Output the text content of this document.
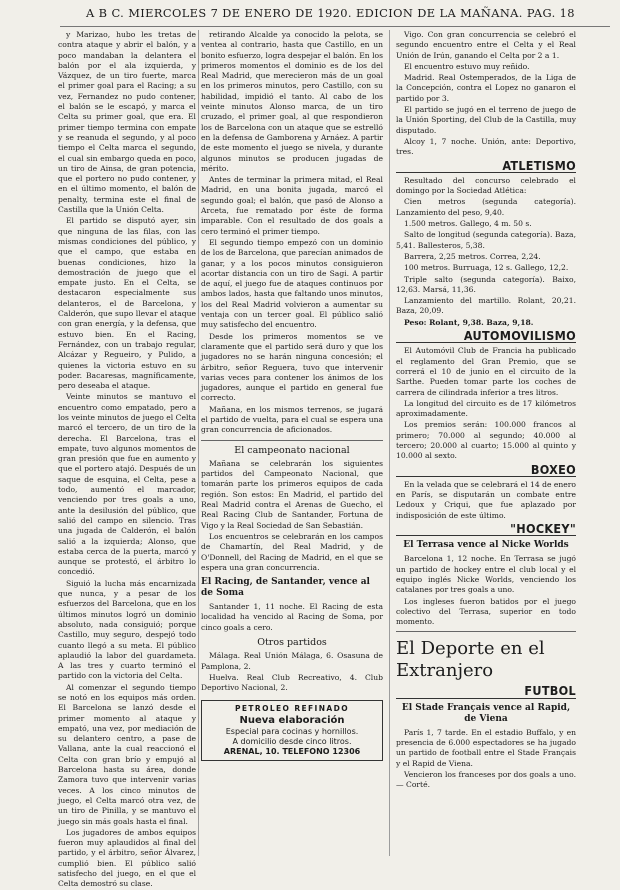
A B C. MIERCOLES 7 DE ENERO DE 1920. EDICION DE LA MAÑANA. PAG. 18

y Marizao, hubo les tretas de contra ataque y abrir el balón, y a poco mandaban la delantera el balón por el ala izquierda, y Vázquez, de un tiro fuerte, marca el primer goal para el Racing; a su vez, Fernandez no pudo contener, el balón se le escapó, y marca el Celta su primer goal, que era. El primer tiempo termina con empate y se reanuda el segundo, y al poco tiempo el Celta marca el segundo, el cual sin embargo queda en poco, un tiro de Ainsa, de gran potencia, que el portero no pudo contener, y en el último momento, el balón de penalty, termina este el final de Castilla que la Unión Celta.

El partido se disputó ayer, sin que ninguna de las filas, con las mismas condiciones del público, y que el campo, que estaba en buenas condiciones, hizo la demostración de juego que el empate justo. En el Celta, se destacaron especialmente sus delanteros, el de Barcelona, y Calderón, que supo llevar el ataque con gran energía, y la defensa, que estuvo bien. En el Racing, Fernández, con un trabajo regular, Alcázar y Regueiro, y Pulido, a quienes la victoria estuvo en su poder. Bacaresas, magníficamente, pero deseaba el ataque.

Veinte minutos se mantuvo el encuentro como empatado, pero a los veinte minutos de juego el Celta marcó el tercero, de un tiro de la derecha. El Barcelona, tras el empate, tuvo algunos momentos de gran presión que fue en aumento y que el portero atajó. Después de un saque de esquina, el Celta, pese a todo, aumentó el marcador, venciendo por tres goals a uno, ante la desilusión del público, que salió del campo en silencio. Tras una jugada de Calderón, el balón salió a la izquierda; Alonso, que estaba cerca de la puerta, marcó y aunque se protestó, el árbitro lo concedió.

Siguió la lucha más encarnizada que nunca, y a pesar de los esfuerzos del Barcelona, que en los últimos minutos logró un dominio absoluto, nada consiguió; porque Castillo, muy seguro, despejó todo cuanto llegó a su meta. El público aplaudió la labor del guardameta. A las tres y cuarto terminó el partido con la victoria del Celta.

Al comenzar el segundo tiempo se notó en los equipos más orden. El Barcelona se lanzó desde el primer momento al ataque y empató, una vez, por mediación de su delantero centro, a pase de Vallana, ante la cual reaccionó el Celta con gran brío y empujó al Barcelona hasta su área, donde Zamora tuvo que intervenir varias veces. A los cinco minutos de juego, el Celta marcó otra vez, de un tiro de Pinilla, y se mantuvo el juego sin más goals hasta el final.

Los jugadores de ambos equipos fueron muy aplaudidos al final del partido, y el árbitro, señor Álvarez, cumplió bien. El público salió satisfecho del juego, en el que el Celta demostró su clase.

retirando Alcalde ya conocido la pelota, se ventea al contrario, hasta que Castillo, en un bonito esfuerzo, logra despejar el balón. En los primeros momentos el dominio es de los del Real Madrid, que merecieron más de un goal en los primeros minutos, pero Castillo, con su habilidad, impidió el tanto. Al cabo de los veinte minutos Alonso marca, de un tiro cruzado, el primer goal, al que respondieron los de Barcelona con un ataque que se estrelló en la defensa de Gamborena y Arnáez. A partir de este momento el juego se nivela, y durante algunos minutos se producen jugadas de mérito.

Antes de terminar la primera mitad, el Real Madrid, en una bonita jugada, marcó el segundo goal; el balón, que pasó de Alonso a Arceta, fue rematado por éste de forma imparable. Con el resultado de dos goals a cero terminó el primer tiempo.

El segundo tiempo empezó con un dominio de los de Barcelona, que parecían animados de ganar, y a los pocos minutos consiguieron acortar distancia con un tiro de Sagi. A partir de aquí, el juego fue de ataques continuos por ambos lados, hasta que faltando unos minutos, los del Real Madrid volvieron a aumentar su ventaja con un tercer goal. El público salió muy satisfecho del encuentro.

Desde los primeros momentos se ve claramente que el partido será duro y que los jugadores no se harán ninguna concesión; el árbitro, señor Reguera, tuvo que intervenir varias veces para contener los ánimos de los jugadores, aunque el partido en general fue correcto.

Mañana, en los mismos terrenos, se jugará el partido de vuelta, para el cual se espera una gran concurrencia de aficionados.

El campeonato nacional

Mañana se celebrarán los siguientes partidos del Campeonato Nacional, que tomarán parte los primeros equipos de cada región. Son estos: En Madrid, el partido del Real Madrid contra el Arenas de Guecho, el Real Racing Club de Santander, Fortuna de Vigo y la Real Sociedad de San Sebastián.

Los encuentros se celebrarán en los campos de Chamartín, del Real Madrid, y de O'Donnell, del Racing de Madrid, en el que se espera una gran concurrencia.

El Racing, de Santander, vence al de Soma

Santander 1, 11 noche. El Racing de esta localidad ha vencido al Racing de Soma, por cinco goals a cero.

Otros partidos

Málaga. Real Unión Málaga, 6. Osasuna de Pamplona, 2.

Huelva. Real Club Recreativo, 4. Club Deportivo Nacional, 2.

PETROLEO REFINADO
Nueva elaboración
Especial para cocinas y hornillos.
A domicilio desde cinco litros.
ARENAL, 10. TELEFONO 12306

Vigo. Con gran concurrencia se celebró el segundo encuentro entre el Celta y el Real Unión de Irún, ganando el Celta por 2 a 1.

El encuentro estuvo muy reñido.

Madrid. Real Ostemperados, de la Liga de la Concepción, contra el Lopez no ganaron el partido por 3.

El partido se jugó en el terreno de juego de la Unión Sporting, del Club de la Castilla, muy disputado.

Alcoy 1, 7 noche. Unión, ante: Deportivo, tres.

ATLETISMO

Resultado del concurso celebrado el domingo por la Sociedad Atlética:

Cien metros (segunda categoría). Lanzamiento del peso, 9,40.

1.500 metros. Gallego, 4 m. 50 s.

Salto de longitud (segunda categoría). Baza, 5,41. Ballesteros, 5,38.

Barrera, 2,25 metros. Correa, 2,24.

100 metros. Burruaga, 12 s. Gallego, 12,2.

Triple salto (segunda categoría). Baixo, 12,63. Marsá, 11,36.

Lanzamiento del martillo. Rolant, 20,21. Baza, 20,09.

Peso: Rolant, 9,38. Baza, 9,18.

AUTOMOVILISMO

El Automóvil Club de Francia ha publicado el reglamento del Gran Premio, que se correrá el 10 de junio en el circuito de la Sarthe. Pueden tomar parte los coches de carrera de cilindrada inferior a tres litros.

La longitud del circuito es de 17 kilómetros aproximadamente.

Los premios serán: 100.000 francos al primero; 70.000 al segundo; 40.000 al tercero; 20.000 al cuarto; 15.000 al quinto y 10.000 al sexto.

BOXEO

En la velada que se celebrará el 14 de enero en París, se disputarán un combate entre Ledoux y Criqui, que fue aplazado por indisposición de este último.

"HOCKEY"
El Terrasa vence al Nicke Worlds

Barcelona 1, 12 noche. En Terrasa se jugó un partido de hockey entre el club local y el equipo inglés Nicke Worlds, venciendo los catalanes por tres goals a uno.

Los ingleses fueron batidos por el juego colectivo del Terrasa, superior en todo momento.

El Deporte en el Extranjero
FUTBOL
El Stade Français vence al Rapid, de Viena

París 1, 7 tarde. En el estadio Buffalo, y en presencia de 6.000 espectadores se ha jugado un partido de football entre el Stade Français y el Rapid de Viena.

Vencieron los franceses por dos goals a uno. — Corté.
